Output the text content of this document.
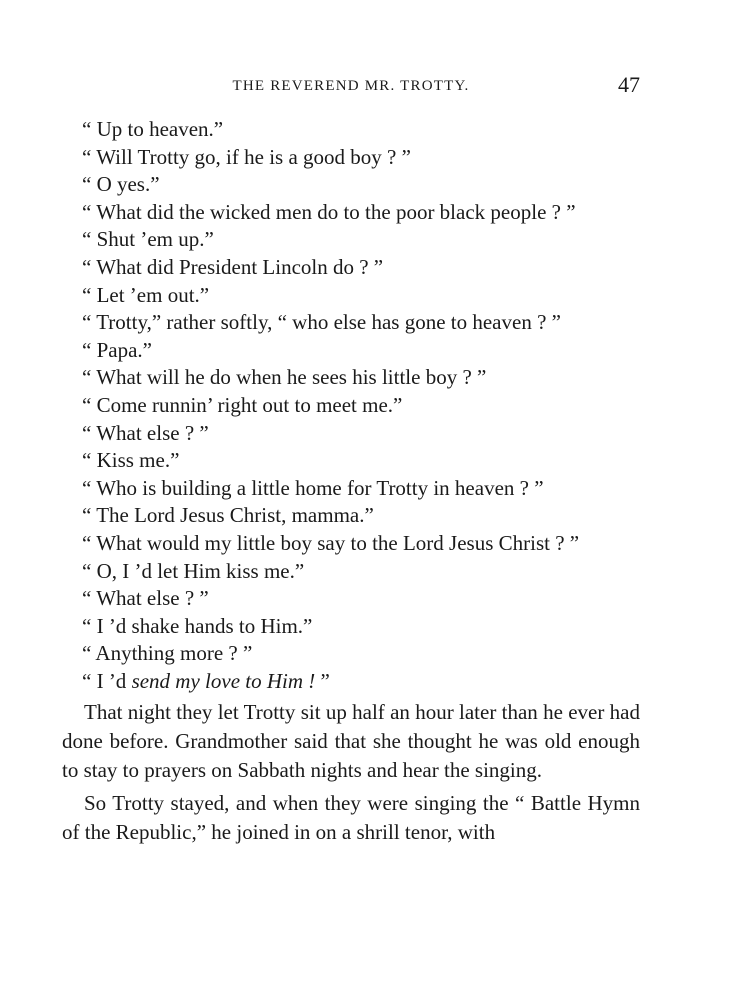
THE REVEREND MR. TROTTY.	47
“ Up to heaven.”
“ Will Trotty go, if he is a good boy ? ”
“ O yes.”
“ What did the wicked men do to the poor black people ? ”
“ Shut ’em up.”
“ What did President Lincoln do ? ”
“ Let ’em out.”
“ Trotty,” rather softly, “ who else has gone to heaven ? ”
“ Papa.”
“ What will he do when he sees his little boy ? ”
“ Come runnin’ right out to meet me.”
“ What else ? ”
“ Kiss me.”
“ Who is building a little home for Trotty in heaven ? ”
“ The Lord Jesus Christ, mamma.”
“ What would my little boy say to the Lord Jesus Christ ? ”
“ O, I ’d let Him kiss me.”
“ What else ? ”
“ I ’d shake hands to Him.”
“ Anything more ? ”
“ I ’d send my love to Him ! ”

That night they let Trotty sit up half an hour later than he ever had done before. Grandmother said that she thought he was old enough to stay to prayers on Sabbath nights and hear the singing.

So Trotty stayed, and when they were singing the “ Battle Hymn of the Republic,” he joined in on a shrill tenor, with
